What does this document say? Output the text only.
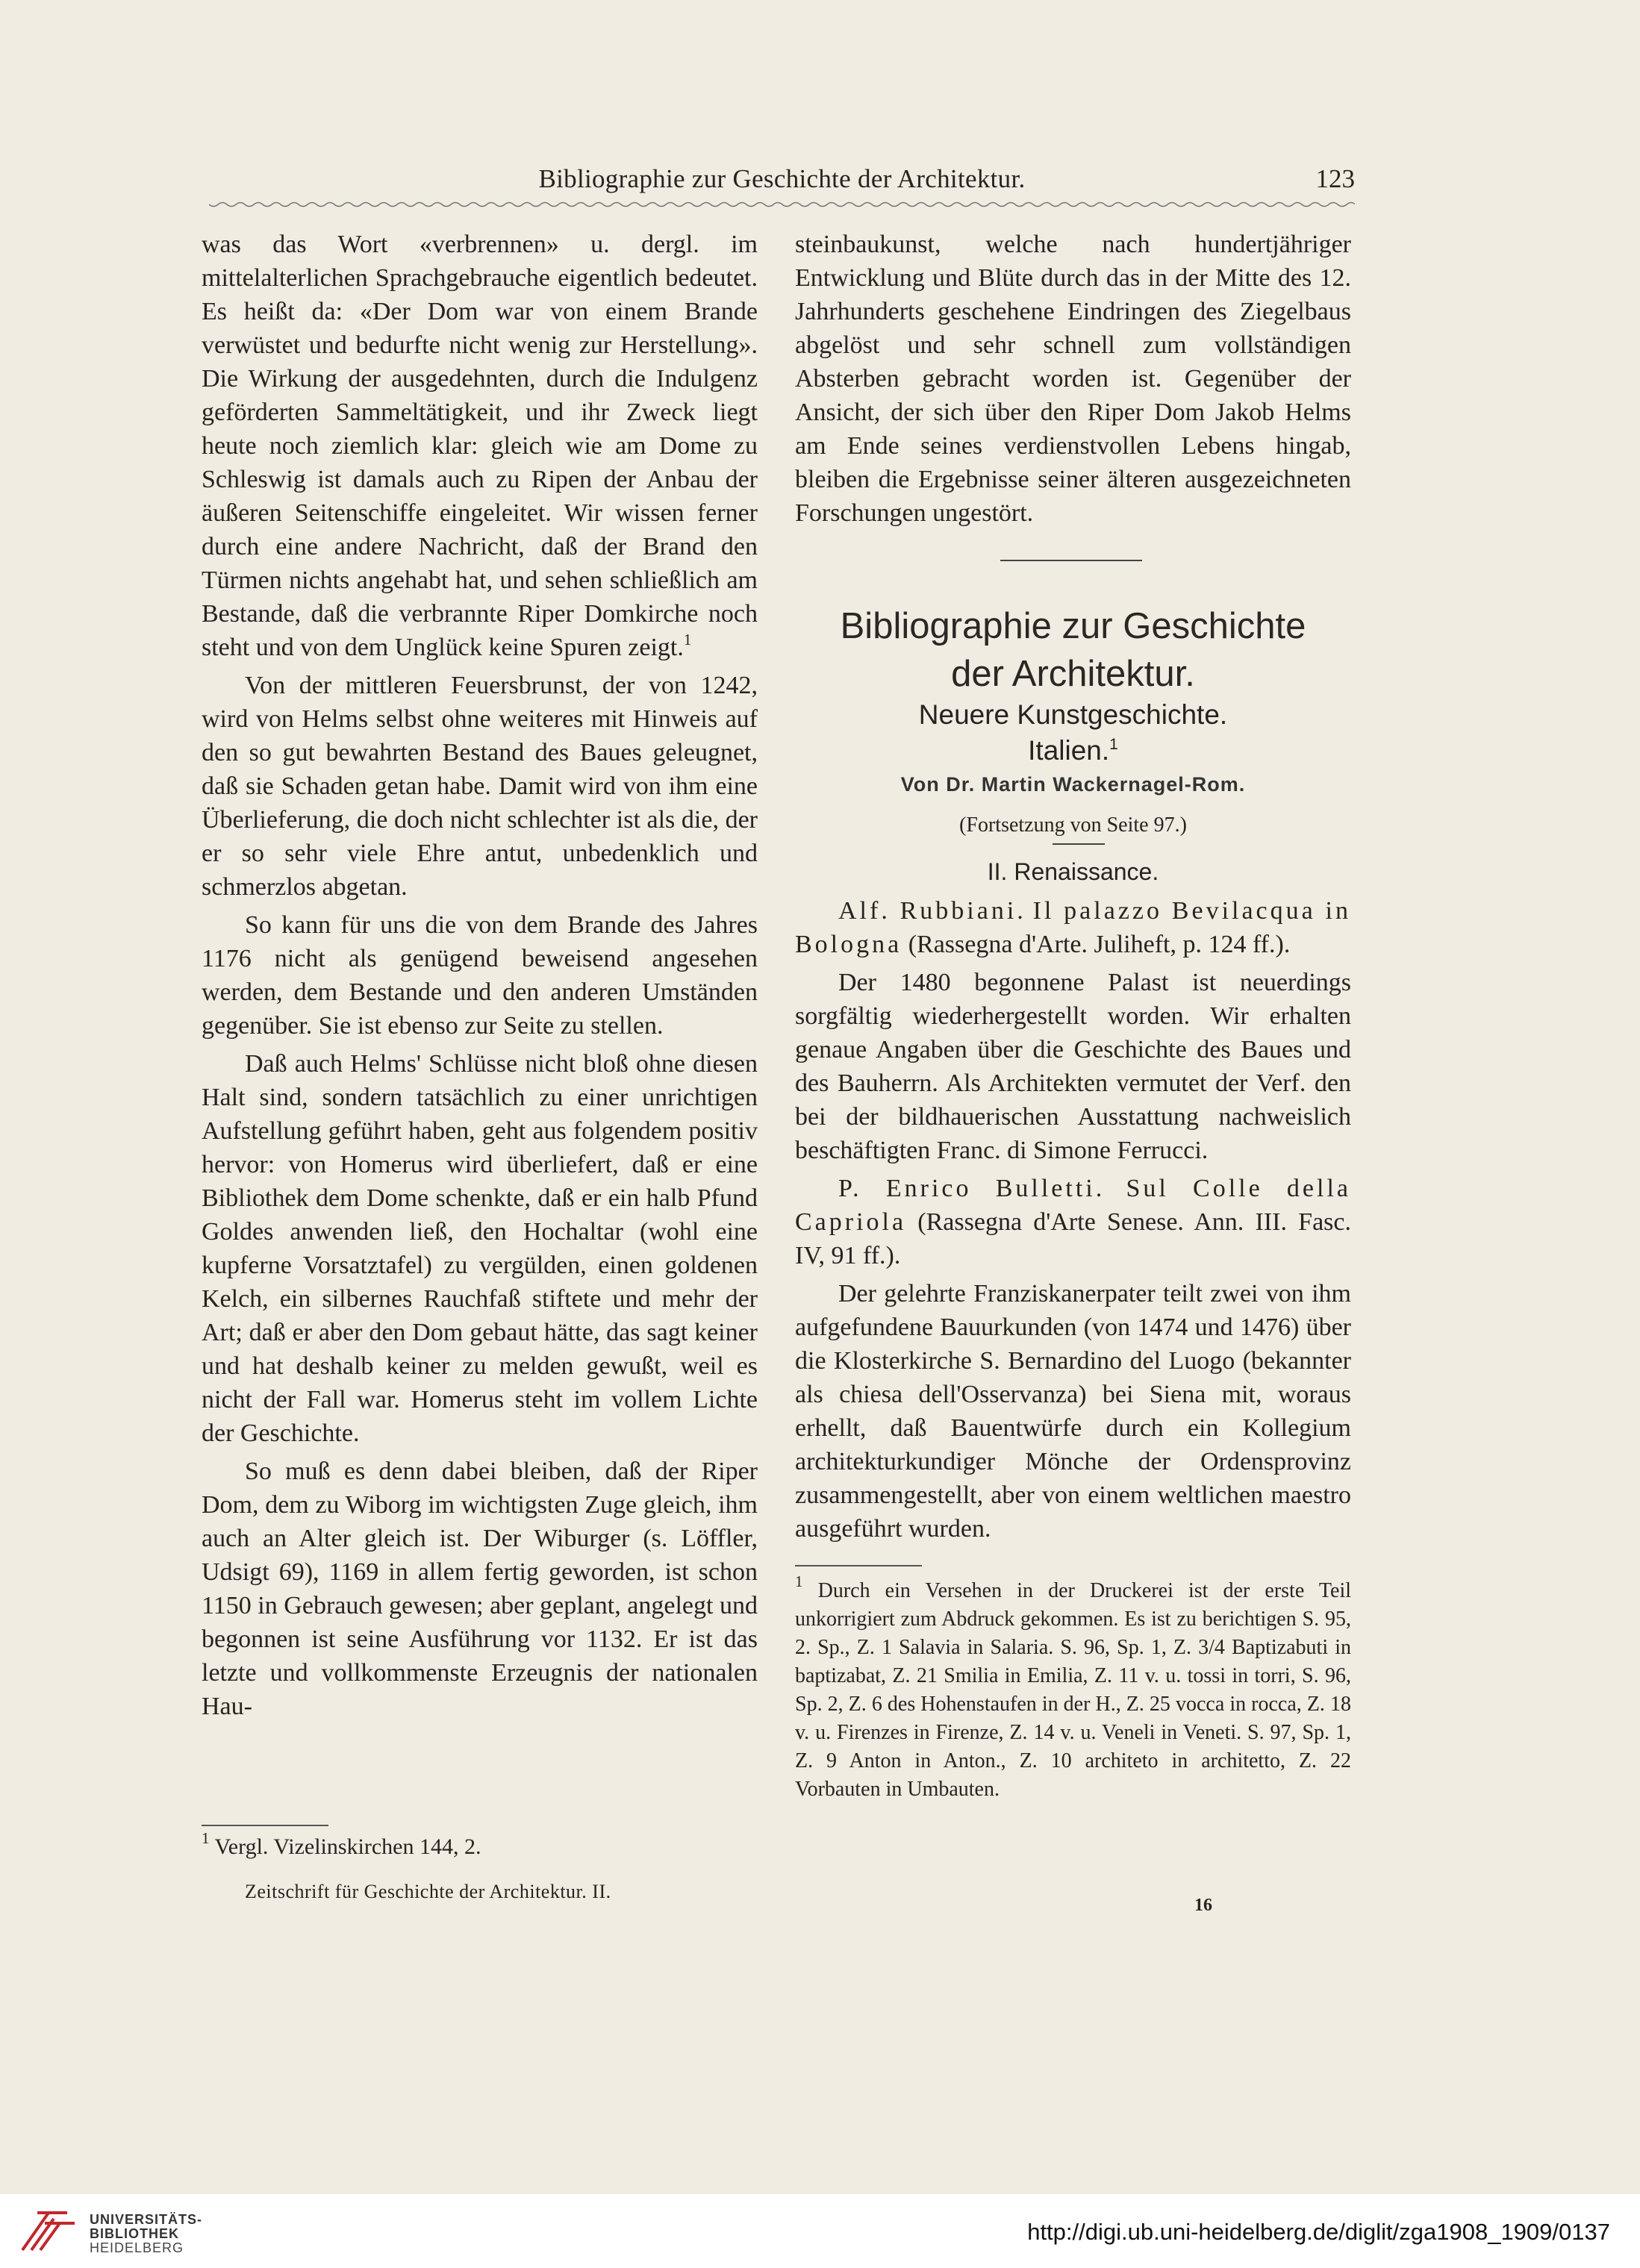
Bibliographie zur Geschichte der Architektur.	123

was das Wort «verbrennen» u. dergl. im mittelalterlichen Sprachgebrauche eigentlich bedeutet. Es heißt da: «Der Dom war von einem Brande verwüstet und bedurfte nicht wenig zur Herstellung». Die Wirkung der ausgedehnten, durch die Indulgenz geförderten Sammeltätigkeit, und ihr Zweck liegt heute noch ziemlich klar: gleich wie am Dome zu Schleswig ist damals auch zu Ripen der Anbau der äußeren Seitenschiffe eingeleitet. Wir wissen ferner durch eine andere Nachricht, daß der Brand den Türmen nichts angehabt hat, und sehen schließlich am Bestande, daß die verbrannte Riper Domkirche noch steht und von dem Unglück keine Spuren zeigt.$^1$

Von der mittleren Feuersbrunst, der von 1242, wird von Helms selbst ohne weiteres mit Hinweis auf den so gut bewahrten Bestand des Baues geleugnet, daß sie Schaden getan habe. Damit wird von ihm eine Überlieferung, die doch nicht schlechter ist als die, der er so sehr viele Ehre antut, unbedenklich und schmerzlos abgetan.

So kann für uns die von dem Brande des Jahres 1176 nicht als genügend beweisend angesehen werden, dem Bestande und den anderen Umständen gegenüber. Sie ist ebenso zur Seite zu stellen.

Daß auch Helms' Schlüsse nicht bloß ohne diesen Halt sind, sondern tatsächlich zu einer unrichtigen Aufstellung geführt haben, geht aus folgendem positiv hervor: von Homerus wird überliefert, daß er eine Bibliothek dem Dome schenkte, daß er ein halb Pfund Goldes anwenden ließ, den Hochaltar (wohl eine kupferne Vorsatztafel) zu vergülden, einen goldenen Kelch, ein silbernes Rauchfaß stiftete und mehr der Art; daß er aber den Dom gebaut hätte, das sagt keiner und hat deshalb keiner zu melden gewußt, weil es nicht der Fall war. Homerus steht im vollem Lichte der Geschichte.

So muß es denn dabei bleiben, daß der Riper Dom, dem zu Wiborg im wichtigsten Zuge gleich, ihm auch an Alter gleich ist. Der Wiburger (s. Löffler, Udsigt 69), 1169 in allem fertig geworden, ist schon 1150 in Gebrauch gewesen; aber geplant, angelegt und begonnen ist seine Ausführung vor 1132. Er ist das letzte und vollkommenste Erzeugnis der nationalen Hau-

$^1$ Vergl. Vizelinskirchen 144, 2.
Zeitschrift für Geschichte der Architektur. II.

steinbaukunst, welche nach hundertjähriger Entwicklung und Blüte durch das in der Mitte des 12. Jahrhunderts geschehene Eindringen des Ziegelbaus abgelöst und sehr schnell zum vollständigen Absterben gebracht worden ist. Gegenüber der Ansicht, der sich über den Riper Dom Jakob Helms am Ende seines verdienstvollen Lebens hingab, bleiben die Ergebnisse seiner älteren ausgezeichneten Forschungen ungestört.

Bibliographie zur Geschichte
der Architektur.
Neuere Kunstgeschichte.
Italien.$^1$
Von Dr. Martin Wackernagel-Rom.
(Fortsetzung von Seite 97.)
II. Renaissance.

Alf. Rubbiani. Il palazzo Bevilacqua in Bologna (Rassegna d'Arte. Juliheft, p. 124 ff.).

Der 1480 begonnene Palast ist neuerdings sorgfältig wiederhergestellt worden. Wir erhalten genaue Angaben über die Geschichte des Baues und des Bauherrn. Als Architekten vermutet der Verf. den bei der bildhauerischen Ausstattung nachweislich beschäftigten Franc. di Simone Ferrucci.

P. Enrico Bulletti. Sul Colle della Capriola (Rassegna d'Arte Senese. Ann. III. Fasc. IV, 91 ff.).

Der gelehrte Franziskanerpater teilt zwei von ihm aufgefundene Bauurkunden (von 1474 und 1476) über die Klosterkirche S. Bernardino del Luogo (bekannter als chiesa dell'Osservanza) bei Siena mit, woraus erhellt, daß Bauentwürfe durch ein Kollegium architekturkundiger Mönche der Ordensprovinz zusammengestellt, aber von einem weltlichen maestro ausgeführt wurden.

$^1$ Durch ein Versehen in der Druckerei ist der erste Teil unkorrigiert zum Abdruck gekommen. Es ist zu berichtigen S. 95, 2. Sp., Z. 1 Salavia in Salaria. S. 96, Sp. 1, Z. 3/4 Baptizabuti in baptizabat, Z. 21 Smilia in Emilia, Z. 11 v. u. tossi in torri, S. 96, Sp. 2, Z. 6 des Hohenstaufen in der H., Z. 25 vocca in rocca, Z. 18 v. u. Firenzes in Firenze, Z. 14 v. u. Veneli in Veneti. S. 97, Sp. 1, Z. 9 Anton in Anton., Z. 10 architeto in architetto, Z. 22 Vorbauten in Umbauten.
16
UNIVERSITÄTS-
BIBLIOTHEK
HEIDELBERG
http://digi.ub.uni-heidelberg.de/diglit/zga1908_1909/0137
